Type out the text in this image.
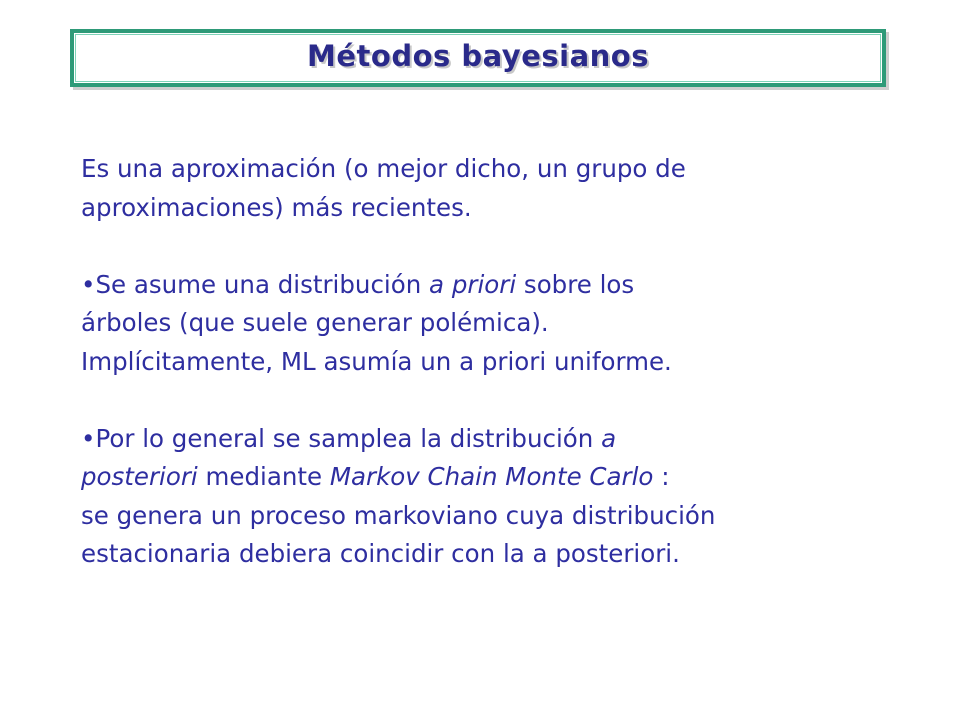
Métodos bayesianos
Es una aproximación (o mejor dicho, un grupo de
aproximaciones) más recientes.
•Se asume una distribución a priori sobre los
árboles (que suele generar polémica).
Implícitamente, ML asumía un a priori uniforme.
•Por lo general se samplea la distribución a
posteriori mediante Markov Chain Monte Carlo :
se genera un proceso markoviano cuya distribución
estacionaria debiera coincidir con la a posteriori.
